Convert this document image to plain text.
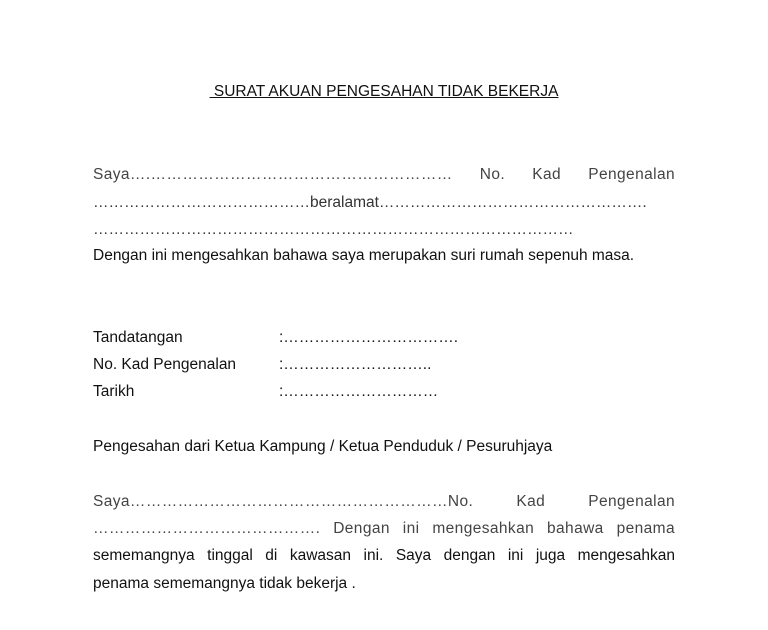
SURAT AKUAN PENGESAHAN TIDAK BEKERJA
Saya….………………………………………………… No. Kad Pengenalan
……………………………………beralamat…………………………………………….
…………………………………………………………………………………
Dengan ini mengesahkan bahawa saya merupakan suri rumah sepenuh masa.
Tandatangan	:…………………………….
No. Kad Pengenalan	:………………………..
Tarikh	:…………………………
Pengesahan dari Ketua Kampung / Ketua Penduduk / Pesuruhjaya
Saya……………………………………………………No. Kad Pengenalan
……………………………………. Dengan ini mengesahkan bahawa penama
sememangnya tinggal di kawasan ini. Saya dengan ini juga mengesahkan
penama sememangnya tidak bekerja .
